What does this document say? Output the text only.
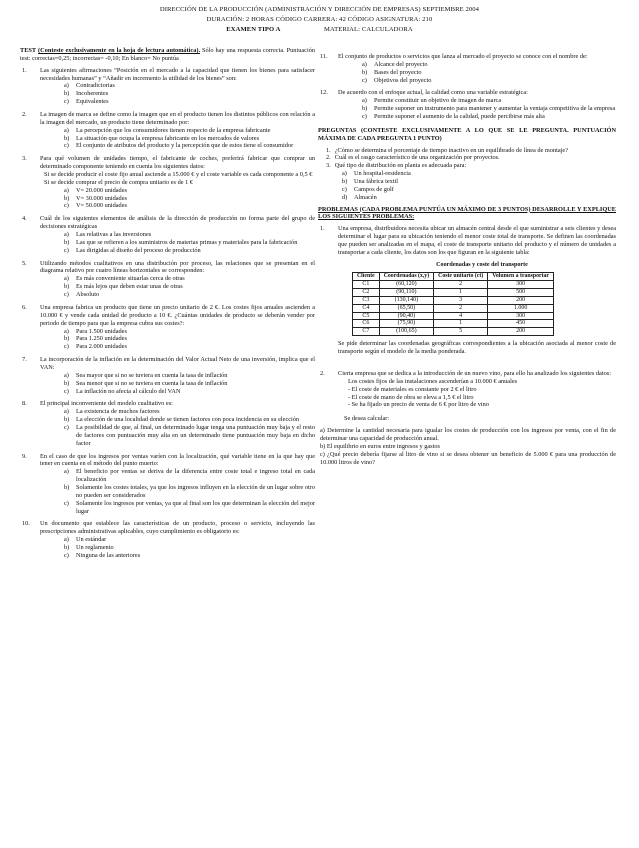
DIRECCIÓN DE LA PRODUCCIÓN (ADMINISTRACIÓN Y DIRECCIÓN DE EMPRESAS) SEPTIEMBRE 2004
DURACIÓN: 2 HORAS CÓDIGO CARRERA: 42 CÓDIGO ASIGNATURA: 210
EXAMEN TIPO A	MATERIAL: CALCULADORA

TEST (Conteste exclusivamente en la hoja de lectura automática). Sólo hay una respuesta correcta. Puntuación test: correctas=0,25; incorrectas= -0,10; En blanco= No puntúa

1.	Las siguientes afirmaciones “Posición en el mercado a la capacidad que tienen los bienes para satisfacer necesidades humanas” y “Añadir en incremento la utilidad de los bienes” son:

a)	Contradictorias
b)	Incoherentes
c)	Equivalentes
2.	La imagen de marca se define como la imagen que en el producto tienen los distintos públicos con relación a la imagen del mercado, un producto tiene determinado por:

a)	La percepción que los consumidores tienen respecto de la empresa fabricante
b)	La situación que ocupa la empresa fabricante en los mercados de valores
c)	El conjunto de atributos del producto y la percepción que de estos tiene el consumidor
3.	Para qué volumen de unidades tiempo, el fabricante de coches, preferirá fabricar que comprar un determinado componente teniendo en cuenta los siguientes datos:

Si se decide producir el coste fijo anual asciende a 15.000 € y el coste variable es cada componente a 0,5 €

Si se decide comprar el precio de compra unitario es de 1 €

a)	V= 20.000 unidades
b)	V= 30.000 unidades
c)	V= 50.000 unidades
4.	Cuál de los siguientes elementos de análisis de la dirección de producción no forma parte del grupo de decisiones estratégicas

a)	Las relativas a las inversiones
b)	Las que se refieren a los suministros de materias primas y materiales para la fabricación
c)	Las dirigidas al diseño del proceso de producción
5.	Utilizando métodos cualitativos en una distribución por proceso, las relaciones que se presentan en el diagrama relativo por cuatro líneas horizontales se corresponden:

a)	Es más conveniente situarlas cerca de otras
b)	Es más lejos que deben estar unas de otras
c)	Absoluto
6.	Una empresa fabrica un producto que tiene un precio unitario de 2 €. Los costes fijos anuales ascienden a 10.000 € y vende cada unidad de producto a 10 €. ¿Cuántas unidades de producto se deberán vender por periodo de tiempo para que la empresa cubra sus costes?:

a)	Para 1.500 unidades
b)	Para 1.250 unidades
c)	Para 2.000 unidades
7.	La incorporación de la inflación en la determinación del Valor Actual Neto de una inversión, implica que el VAN:

a)	Sea mayor que si no se tuviera en cuenta la tasa de inflación
b)	Sea menor que si no se tuviera en cuenta la tasa de inflación
c)	La inflación no afecta al cálculo del VAN
8.	El principal inconveniente del modelo cualitativo es:

a)	La existencia de muchos factores
b)	La elección de una localidad donde se tienen factores con poca incidencia en su elección
c)	La posibilidad de que, al final, un determinado lugar tenga una puntuación muy baja y el resto de factores con puntuación muy alta en un determinado tiene puntuación muy baja en dicho factor
9.	En el caso de que los ingresos por ventas varíen con la localización, qué variable tiene en la que hay que tener en cuenta en el método del punto muerto:

a)	El beneficio por ventas se deriva de la diferencia entre coste total e ingreso total en cada localización
b)	Solamente los costes totales, ya que los ingresos influyen en la elección de un lugar sobre otro no pueden ser considerados
c)	Solamente los ingresos por ventas, ya que al final son los que determinan la elección del mejor lugar
10.	Un documento que establece las características de un producto, proceso o servicio, incluyendo las prescripciones administrativas aplicables, cuyo cumplimiento es obligatorio es:

a)	Un estándar
b)	Un reglamento
c)	Ninguna de las anteriores
11.	El conjunto de productos o servicios que lanza al mercado el proyecto se conoce con el nombre de:

a)	Alcance del proyecto
b)	Bases del proyecto
c)	Objetivos del proyecto
12.	De acuerdo con el enfoque actual, la calidad como una variable estratégica:

a)	Permite constituir un objetivo de imagen de marca
b)	Permite suponer un instrumento para mantener y aumentar la ventaja competitiva de la empresa
c)	Permite suponer el aumento de la calidad, puede percibirse más alta

PREGUNTAS (CONTESTE EXCLUSIVAMENTE A LO QUE SE LE PREGUNTA. PUNTUACIÓN MÁXIMA DE CADA PREGUNTA 1 PUNTO)

1. ¿Cómo se determina el porcentaje de tiempo inactivo en un equilibrado de línea de montaje?
2. Cuál es el rasgo característico de una organización por proyectos.
3. Qué tipo de distribución en planta es adecuada para:
a)	Un hospital-residencia
b)	Una fábrica textil
c)	Campos de golf
d)	Almacén

PROBLEMAS (CADA PROBLEMA PUNTÚA UN MÁXIMO DE 3 PUNTOS) DESARROLLE Y EXPLIQUE LOS SIGUIENTES PROBLEMAS:

1.	Una empresa, distribuidora necesita ubicar un almacén central desde el que suministrar a seis clientes y desea determinar el lugar para su ubicación teniendo el menor coste total de transporte. Se definen las coordenadas que pueden ser analizadas en el mapa, el coste de transporte unitario del producto y el número de unidades a transportar a cada cliente, los datos son los que figuran en la siguiente tabla:

Coordenadas y coste del transporte

Cliente	Coordenadas (x,y)	Coste unitario (ct)	Volumen a transportar
C1	(60,120)	2	300
C2	(90,110)	1	500
C3	(130,140)	3	200
C4	(65,50)	2	1.000
C5	(90,40)	4	300
C6	(75,90)	1	450
C7	(100,65)	5	200

Se pide determinar las coordenadas geográficas correspondientes a la ubicación asociada al menor coste de transporte según el modelo de la media ponderada.

2.	Cierta empresa que se dedica a la introducción de un nuevo vino, para ello ha analizado los siguientes datos:

Los costes fijos de las instalaciones ascenderían a 10.000 € anuales

- El coste de materiales es constante por 2 € el litro

- El coste de mano de obra se eleva a 1,5 € el litro

- Se ha fijado un precio de venta de 6 € por litro de vino

Se desea calcular:

a) Determine la cantidad necesaria para igualar los costes de producción con los ingresos por venta, con el fin de determinar una capacidad de producción anual.

b) El equilibrio en euros entre ingresos y gastos

c) ¿Qué precio debería fijarse al litro de vino si se desea obtener un beneficio de 5.000 € para una producción de 10.000 litros de vino?
